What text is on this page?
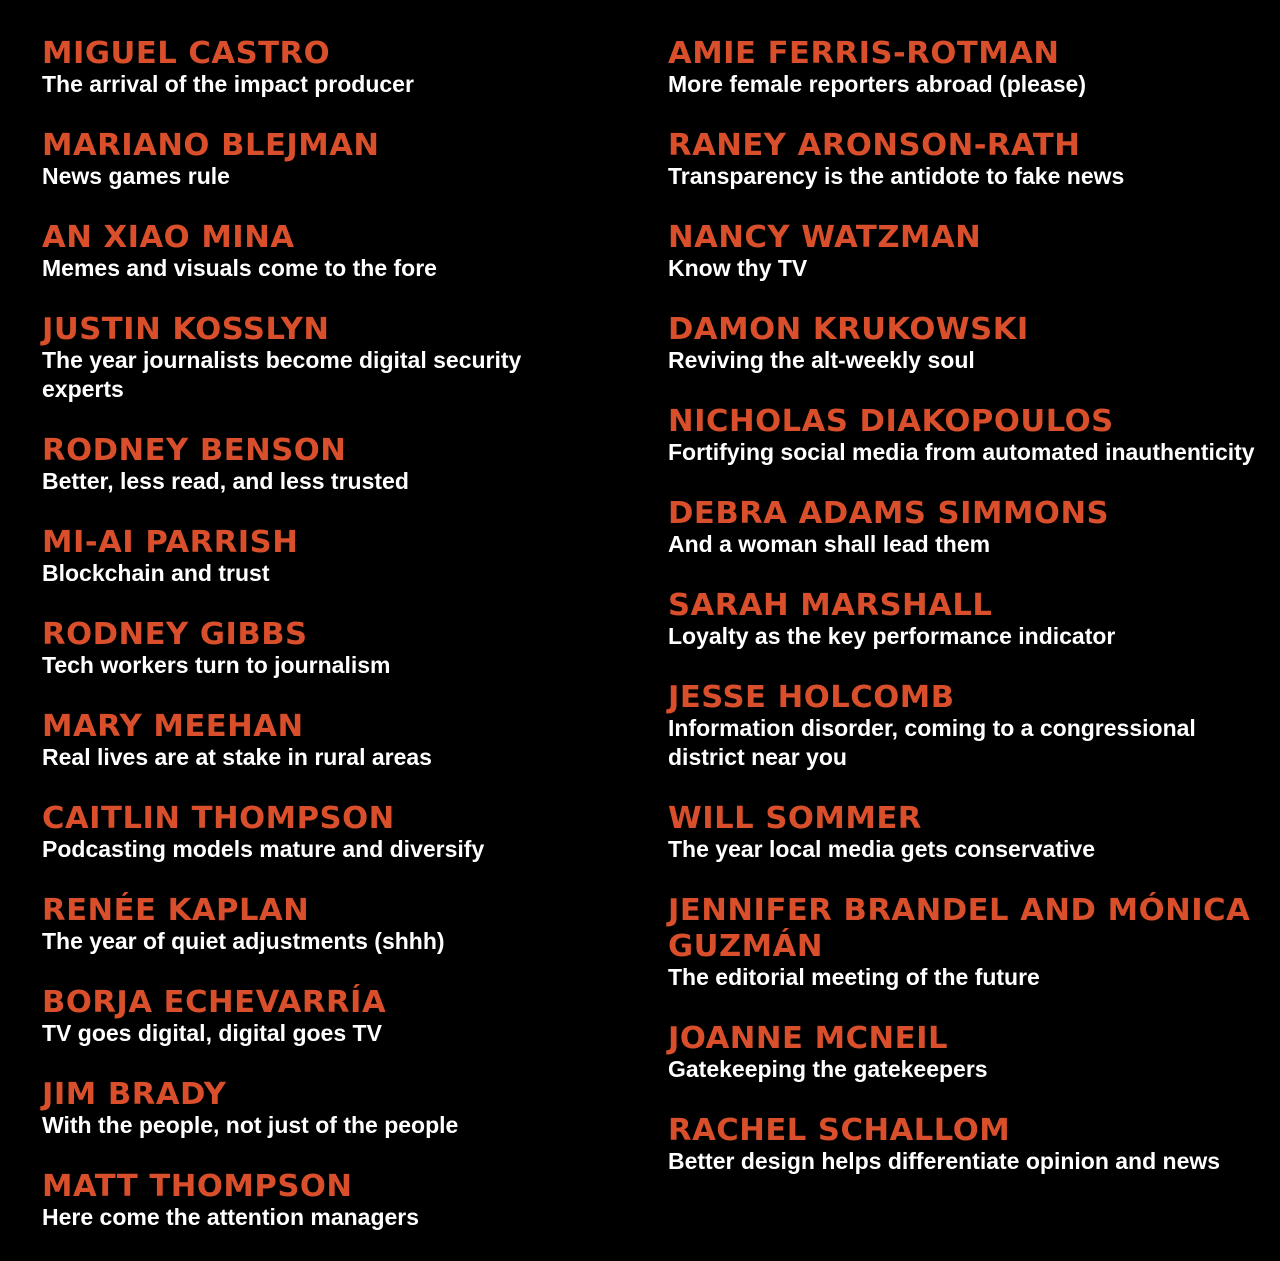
MIGUEL CASTRO
The arrival of the impact producer
MARIANO BLEJMAN
News games rule
AN XIAO MINA
Memes and visuals come to the fore
JUSTIN KOSSLYN
The year journalists become digital security experts
RODNEY BENSON
Better, less read, and less trusted
MI-AI PARRISH
Blockchain and trust
RODNEY GIBBS
Tech workers turn to journalism
MARY MEEHAN
Real lives are at stake in rural areas
CAITLIN THOMPSON
Podcasting models mature and diversify
RENÉE KAPLAN
The year of quiet adjustments (shhh)
BORJA ECHEVARRÍA
TV goes digital, digital goes TV
JIM BRADY
With the people, not just of the people
MATT THOMPSON
Here come the attention managers
AMIE FERRIS-ROTMAN
More female reporters abroad (please)
RANEY ARONSON-RATH
Transparency is the antidote to fake news
NANCY WATZMAN
Know thy TV
DAMON KRUKOWSKI
Reviving the alt-weekly soul
NICHOLAS DIAKOPOULOS
Fortifying social media from automated inauthenticity
DEBRA ADAMS SIMMONS
And a woman shall lead them
SARAH MARSHALL
Loyalty as the key performance indicator
JESSE HOLCOMB
Information disorder, coming to a congressional district near you
WILL SOMMER
The year local media gets conservative
JENNIFER BRANDEL AND MÓNICA GUZMÁN
The editorial meeting of the future
JOANNE MCNEIL
Gatekeeping the gatekeepers
RACHEL SCHALLOM
Better design helps differentiate opinion and news
